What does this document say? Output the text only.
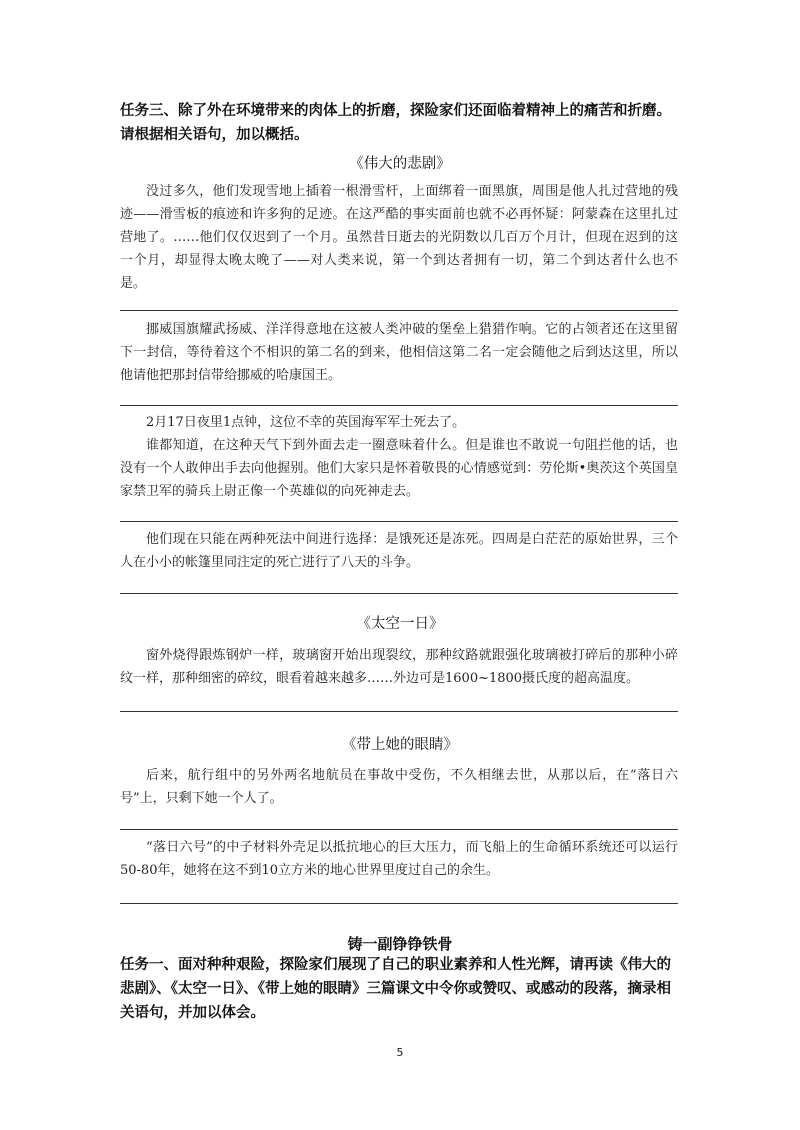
任务三、除了外在环境带来的肉体上的折磨，探险家们还面临着精神上的痛苦和折磨。请根据相关语句，加以概括。
《伟大的悲剧》

没过多久，他们发现雪地上插着一根滑雪杆，上面绑着一面黑旗，周围是他人扎过营地的残迹——滑雪板的痕迹和许多狗的足迹。在这严酷的事实面前也就不必再怀疑：阿蒙森在这里扎过营地了。……他们仅仅迟到了一个月。虽然昔日逝去的光阴数以几百万个月计，但现在迟到的这一个月，却显得太晚太晚了——对人类来说，第一个到达者拥有一切，第二个到达者什么也不是。

挪威国旗耀武扬威、洋洋得意地在这被人类冲破的堡垒上猎猎作响。它的占领者还在这里留下一封信，等待着这个不相识的第二名的到来，他相信这第二名一定会随他之后到达这里，所以他请他把那封信带给挪威的哈康国王。

2月17日夜里1点钟，这位不幸的英国海军军士死去了。

谁都知道，在这种天气下到外面去走一圈意味着什么。但是谁也不敢说一句阻拦他的话，也没有一个人敢伸出手去向他握别。他们大家只是怀着敬畏的心情感觉到：劳伦斯•奥茨这个英国皇家禁卫军的骑兵上尉正像一个英雄似的向死神走去。

他们现在只能在两种死法中间进行选择：是饿死还是冻死。四周是白茫茫的原始世界，三个人在小小的帐篷里同注定的死亡进行了八天的斗争。

《太空一日》

窗外烧得跟炼钢炉一样，玻璃窗开始出现裂纹，那种纹路就跟强化玻璃被打碎后的那种小碎纹一样，那种细密的碎纹，眼看着越来越多……外边可是1600~1800摄氏度的超高温度。

《带上她的眼睛》

后来，航行组中的另外两名地航员在事故中受伤，不久相继去世，从那以后，在“落日六号”上，只剩下她一个人了。

“落日六号”的中子材料外壳足以抵抗地心的巨大压力，而飞船上的生命循环系统还可以运行50-80年，她将在这不到10立方米的地心世界里度过自己的余生。

铸一副铮铮铁骨
任务一、面对种种艰险，探险家们展现了自己的职业素养和人性光辉，请再读《伟大的悲剧》、《太空一日》、《带上她的眼睛》三篇课文中令你或赞叹、或感动的段落，摘录相关语句，并加以体会。
5
